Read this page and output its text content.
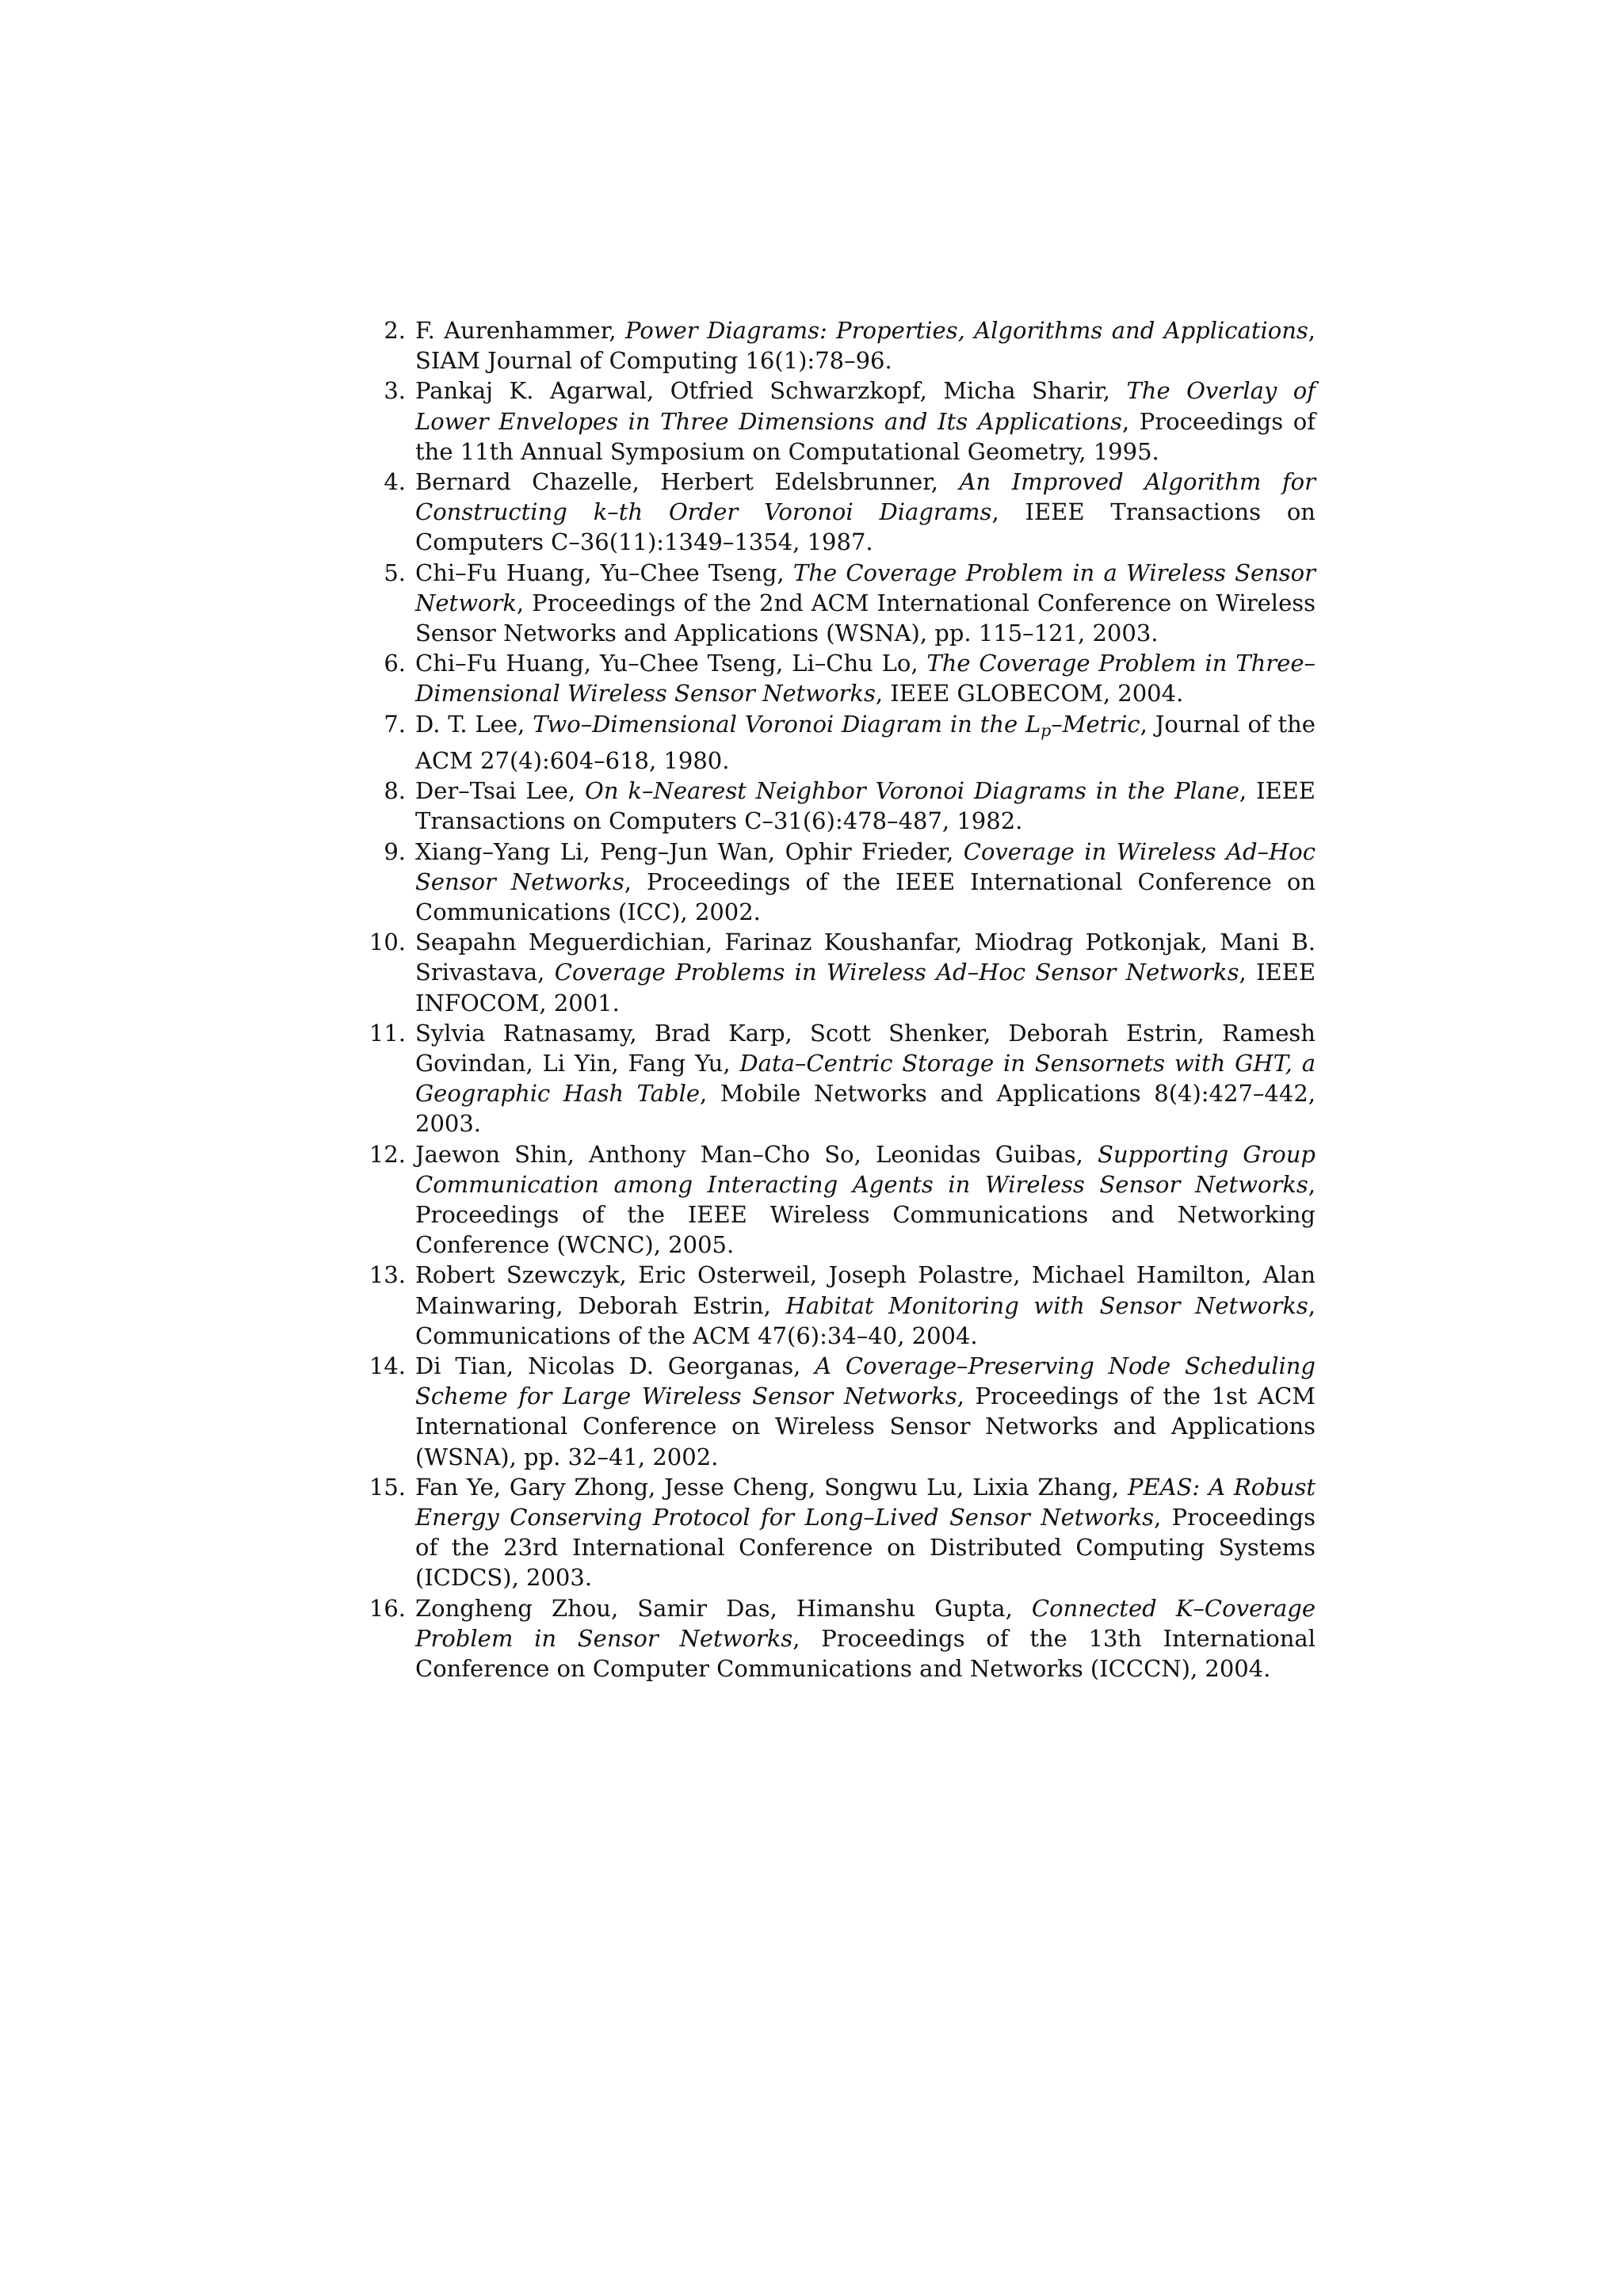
2. F. Aurenhammer, Power Diagrams: Properties, Algorithms and Applications, SIAM Journal of Computing 16(1):78–96.
3. Pankaj K. Agarwal, Otfried Schwarzkopf, Micha Sharir, The Overlay of Lower Envelopes in Three Dimensions and Its Applications, Proceedings of the 11th Annual Symposium on Computational Geometry, 1995.
4. Bernard Chazelle, Herbert Edelsbrunner, An Improved Algorithm for Constructing k–th Order Voronoi Diagrams, IEEE Transactions on Computers C–36(11):1349–1354, 1987.
5. Chi–Fu Huang, Yu–Chee Tseng, The Coverage Problem in a Wireless Sensor Network, Proceedings of the 2nd ACM International Conference on Wireless Sensor Networks and Applications (WSNA), pp. 115–121, 2003.
6. Chi–Fu Huang, Yu–Chee Tseng, Li–Chu Lo, The Coverage Problem in Three–Dimensional Wireless Sensor Networks, IEEE GLOBECOM, 2004.
7. D. T. Lee, Two–Dimensional Voronoi Diagram in the $L_p$–Metric, Journal of the ACM 27(4):604–618, 1980.
8. Der–Tsai Lee, On k–Nearest Neighbor Voronoi Diagrams in the Plane, IEEE Transactions on Computers C–31(6):478–487, 1982.
9. Xiang–Yang Li, Peng–Jun Wan, Ophir Frieder, Coverage in Wireless Ad–Hoc Sensor Networks, Proceedings of the IEEE International Conference on Communications (ICC), 2002.
10. Seapahn Meguerdichian, Farinaz Koushanfar, Miodrag Potkonjak, Mani B. Srivastava, Coverage Problems in Wireless Ad–Hoc Sensor Networks, IEEE INFOCOM, 2001.
11. Sylvia Ratnasamy, Brad Karp, Scott Shenker, Deborah Estrin, Ramesh Govindan, Li Yin, Fang Yu, Data–Centric Storage in Sensornets with GHT, a Geographic Hash Table, Mobile Networks and Applications 8(4):427–442, 2003.
12. Jaewon Shin, Anthony Man–Cho So, Leonidas Guibas, Supporting Group Communication among Interacting Agents in Wireless Sensor Networks, Proceedings of the IEEE Wireless Communications and Networking Conference (WCNC), 2005.
13. Robert Szewczyk, Eric Osterweil, Joseph Polastre, Michael Hamilton, Alan Mainwaring, Deborah Estrin, Habitat Monitoring with Sensor Networks, Communications of the ACM 47(6):34–40, 2004.
14. Di Tian, Nicolas D. Georganas, A Coverage–Preserving Node Scheduling Scheme for Large Wireless Sensor Networks, Proceedings of the 1st ACM International Conference on Wireless Sensor Networks and Applications (WSNA), pp. 32–41, 2002.
15. Fan Ye, Gary Zhong, Jesse Cheng, Songwu Lu, Lixia Zhang, PEAS: A Robust Energy Conserving Protocol for Long–Lived Sensor Networks, Proceedings of the 23rd International Conference on Distributed Computing Systems (ICDCS), 2003.
16. Zongheng Zhou, Samir Das, Himanshu Gupta, Connected K–Coverage Problem in Sensor Networks, Proceedings of the 13th International Conference on Computer Communications and Networks (ICCCN), 2004.
